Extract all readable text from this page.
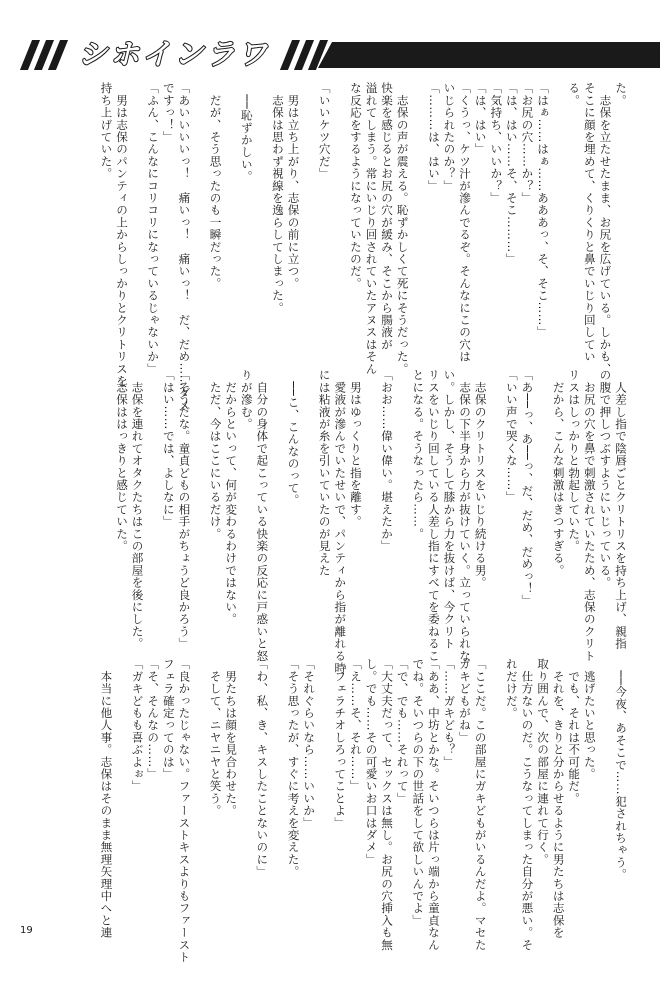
シホインラワ

た。

　志保を立たせたまま、お尻を広げている。しかも、

そこに顔を埋めて、くりくりと鼻でいじり回してい

る。

「はぁ……はぁ……あああっ、そ、そこ……」

「お尻の穴……か？」

「は、はい……そ、そこ………」

「気持ち、いいか？」

「は、はい」

「くうっ、ケツ汁が滲んでるぞ。そんなにこの穴は

いじられたのか？」

「………は、はい」

　志保の声が震える。恥ずかしくて死にそうだった。

快楽を感じるとお尻の穴が緩み、そこから腸液が

溢れてしまう。常にいじり回されていたアヌスはそん

な反応をするようになっていたのだ。

「いいケツ穴だ」

　男は立ち上がり、志保の前に立つ。

　志保は思わず視線を逸らしてしまった。

　──恥ずかしい。

　だが、そう思ったのも一瞬だった。

「あいいいいっ！　痛いっ！　痛いっ！　だ、だめ……ダメ

ですっ！」

「ふん、こんなにコリコリになっているじゃないか」

　男は志保のパンティの上からしっかりとクリトリスを

持ち上げていた。

　人差し指で陰唇ごとクリトリスを持ち上げ、親指

の腹で押しつぶすようにいじっている。

　お尻の穴を鼻で刺激されていたため、志保のクリト

リスはしっかりと勃起していた。

　だから、こんな刺激はきつすぎる。

「あ──っ、あ──っ、だ、だめ、だめっ！」

「いい声で哭くな……」

　志保のクリトリスをいじり続ける男。

　志保の下半身から力が抜けていく。立っていられな

い。しかし、そうして膝から力を抜けば、今クリト

リスをいじり回している人差し指にすべてを委ねるこ

とになる。そうなったら……。

「おお……偉い偉い。堪えたか」

　男はゆっくりと指を離す。

　愛液が滲んでいたせいで、パンティから指が離れる時

には粘液が糸を引いていたのが見えた

　──こ、こんなのって。

　自分の身体で起こっている快楽の反応に戸惑いと怒

りが滲む。

　だからといって、何が変わるわけではない。

　ただ、今はここにいるだけ。

「そうだな。童貞どもの相手がちょうど良かろう」

「はい……では、よしなに」

　志保を連れてオタクたちはこの部屋を後にした。

　志保ははっきりと感じていた。

　──今夜、あそこで……犯されちゃう。

　逃げたいと思った。

　でも、それは不可能だ。

　それを、きりと分からせるように男たちは志保を

取り囲んで、次の部屋に連れて行く。

　仕方ないのだ。こうなってしまった自分が悪い。そ

れだけだ。

「ここだ。この部屋にガキどもがいるんだよ。マセた

ガキどもがね」

「……ガキども？」

「ああ、中坊とかな。そいつらは片っ端から童貞なん

でね。そいつらの下の世話をして欲しいんでよ」

「で、でも……それって」

「大丈夫だって、セックスは無し。お尻の穴挿入も無

し。でも……その可愛いお口はダメ」

「え……そ、それ……」

「フェラチオしろってことよ」

「それぐらいなら……いいか」

「そう思ったが、すぐに考えを変えた。

「わ、私、き、キスしたことないのに」

　男たちは顔を見合わせた。

　そして、ニヤニヤと笑う。

「良かったじゃない。ファーストキスよりもファースト

フェラ確定ってのは」

「そ、そんなの……」

「ガキどもも喜ぶよぉ」

　本当に他人事。志保はそのまま無理矢理中へと連

19
